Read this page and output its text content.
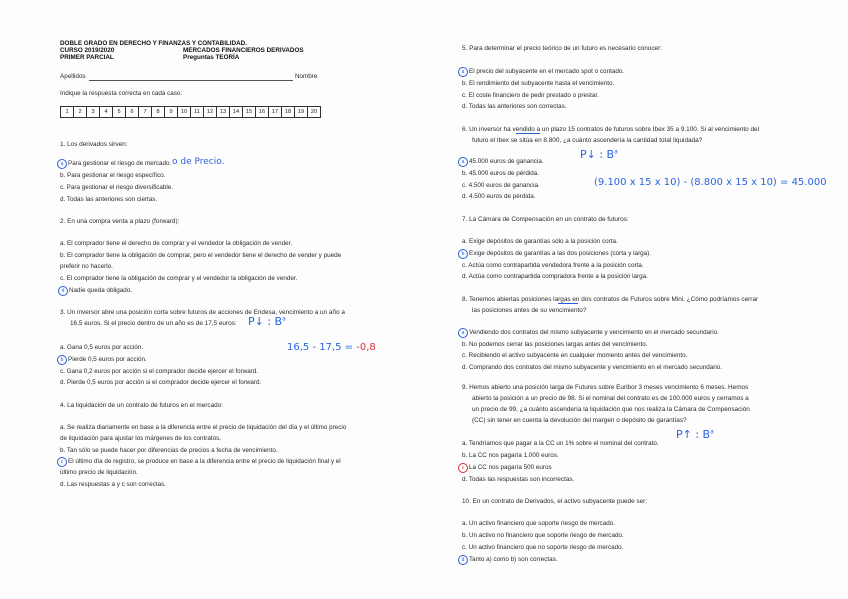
DOBLE GRADO EN DERECHO Y FINANZAS Y CONTABILIDAD.
CURSO 2019/2020	MERCADOS FINANCIEROS DERIVADOS
PRIMER PARCIAL	Preguntas TEORÍA
Apellidos	Nombre
Indique la respuesta correcta en cada caso:
1	2	3	4	5	6	7	8	9	10	11	12	13	14	15	16	17	18	19	20
1. Los derivados sirven:
a Para gestionar el riesgo de mercado. o de Precio.
b. Para gestionar el riesgo específico.
c. Para gestionar el riesgo diversificable.
d. Todas las anteriores son ciertas.
2. En una compra venta a plazo (forward):
a. El comprador tiene el derecho de comprar y el vendedor la obligación de vender.
b. El comprador tiene la obligación de comprar, pero el vendedor tiene el derecho de vender y puede
preferir no hacerlo.
c. El comprador tiene la obligación de comprar y el vendedor la obligación de vender.
d Nadie queda obligado.
3. Un inversor abre una posición corta sobre futuros de acciones de Endesa, vencimiento a un año a
16,5 euros. Si el precio dentro de un año es de 17,5 euros: P↓ : $B^a$
16,5 - 17,5 = -0,8
a. Gana 0,5 euros por acción.
b Pierde 0,5 euros por acción.
c. Gana 0,2 euros por acción si el comprador decide ejercer el forward.
d. Pierde 0,5 euros por acción si el comprador decide ejercer el forward.
4. La liquidación de un contrato de futuros en el mercado:
a. Se realiza diariamente en base a la diferencia entre el precio de liquidación del día y el último precio
de liquidación para ajustar los márgenes de los contratos.
b. Tan sólo se puede hacer por diferencias de precios a fecha de vencimiento.
c El último día de registro, se produce en base a la diferencia entre el precio de liquidación final y el
último precio de liquidación.
d. Las respuestas a y c son correctas.
5. Para determinar el precio teórico de un futuro es necesario conocer:
a El precio del subyacente en el mercado spot o contado.
b. El rendimiento del subyacente hasta el vencimiento.
c. El coste financiero de pedir prestado o prestar.
d. Todas las anteriores son correctas.
6. Un inversor ha vendido a un plazo 15 contratos de futuros sobre Ibex 35 a 9.100. Si al vencimiento del
futuro el Ibex se sitúa en 8.800, ¿a cuánto ascendería la cantidad total liquidada?
P↓ : $B^a$
a 45.000 euros de ganancia.
b. 45.000 euros de pérdida.
(9.100 x 15 x 10) - (8.800 x 15 x 10) = 45.000
c. 4.500 euros de ganancia.
d. 4.500 euros de pérdida.
7. La Cámara de Compensación en un contrato de futuros:
a. Exige depósitos de garantías sólo a la posición corta.
b Exige depósitos de garantías a las dos posiciones (corta y larga).
c. Actúa como contrapartida vendedora frente a la posición corta.
d. Actúa como contrapartida compradora frente a la posición larga.
8. Tenemos abiertas posiciones largas en dos contratos de Futuros sobre Mini. ¿Cómo podríamos cerrar
las posiciones antes de su vencimiento?
a Vendiendo dos contratos del mismo subyacente y vencimiento en el mercado secundario.
b. No podemos cerrar las posiciones largas antes del vencimiento.
c. Recibiendo el activo subyacente en cualquier momento antes del vencimiento.
d. Comprando dos contratos del mismo subyacente y vencimiento en el mercado secundario.
9. Hemos abierto una posición larga de Futures sobre Euribor 3 meses vencimiento 6 meses. Hemos
abierto la posición a un precio de 98. Si el nominal del contrato es de 100.000 euros y cerramos a
un precio de 99, ¿a cuánto ascendería la liquidación que nos realiza la Cámara de Compensación
(CC) sin tener en cuenta la devolución del margen o depósito de garantías?
P↑ : $B^a$
a. Tendríamos que pagar a la CC un 1% sobre el nominal del contrato.
b. La CC nos pagaría 1.000 euros.
c La CC nos pagaría 500 euros
d. Todas las respuestas son incorrectas.
10. En un contrato de Derivados, el activo subyacente puede ser:
a. Un activo financiero que soporte riesgo de mercado.
b. Un activo no financiero que soporte riesgo de mercado.
c. Un activo financiero que no soporte riesgo de mercado.
d Tanto a) como b) son correctas.
